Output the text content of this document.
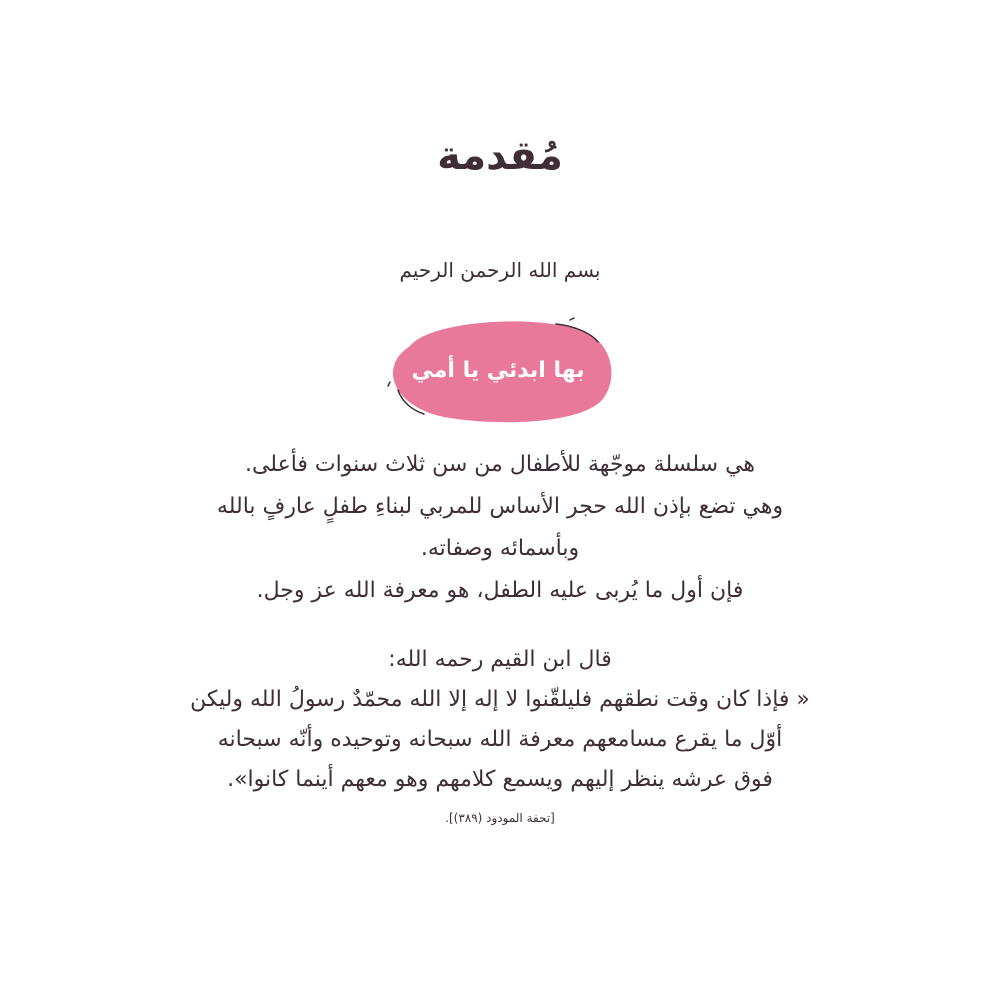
مُقدمة
بسم الله الرحمن الرحيم
بها ابدئي يا أمي

هي سلسلة موجّهة للأطفال من سن ثلاث سنوات فأعلى.

وهي تضع بإذن الله حجر الأساس للمربي لبناءِ طفلٍ عارفٍ بالله

وبأسمائه وصفاته.

فإن أول ما يُربى عليه الطفل، هو معرفة الله عز وجل.

قال ابن القيم رحمه الله:

« فإذا كان وقت نطقهم فليلقّنوا لا إله إلا الله محمّدٌ رسولُ الله وليكن

أوّل ما يقرع مسامعهم معرفة الله سبحانه وتوحيده وأنّه سبحانه

فوق عرشه ينظر إليهم ويسمع كلامهم وهو معهم أينما كانوا».

[تحفة المودود (٣٨٩)].
